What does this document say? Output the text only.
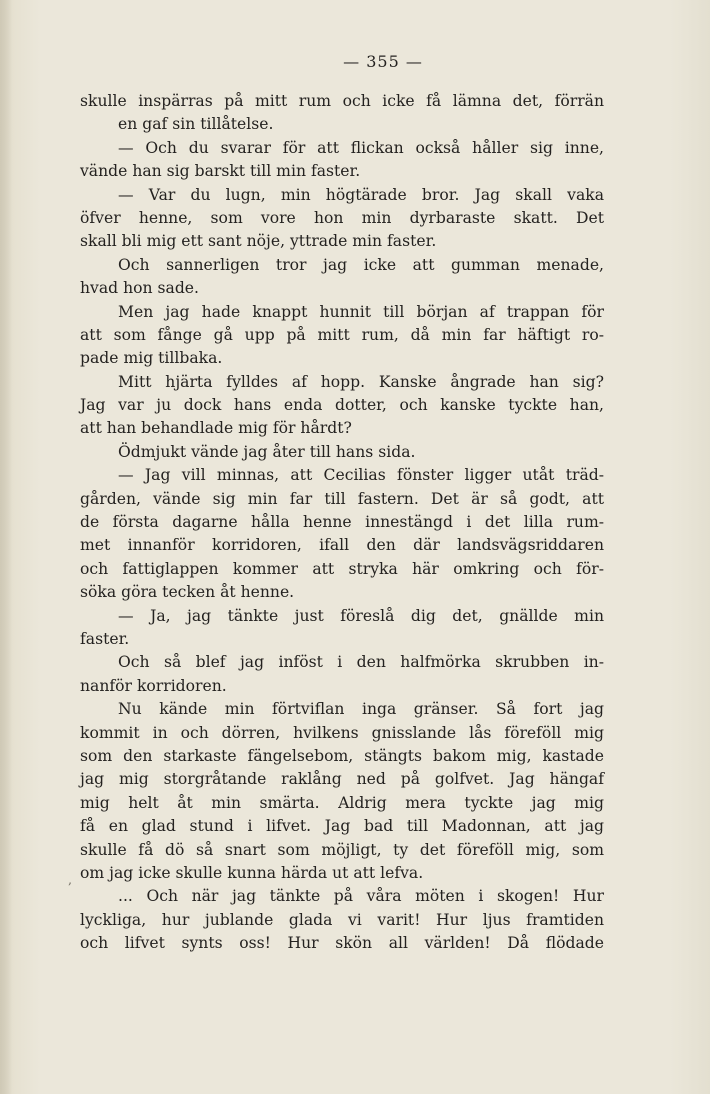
— 355 —
‚
skulle inspärras på mitt rum och icke få lämna det, förrän
en gaf sin tillåtelse.
— Och du svarar för att flickan också håller sig inne,
vände han sig barskt till min faster.
— Var du lugn, min högtärade bror. Jag skall vaka
öfver henne, som vore hon min dyrbaraste skatt. Det
skall bli mig ett sant nöje, yttrade min faster.
Och sannerligen tror jag icke att gumman menade,
hvad hon sade.
Men jag hade knappt hunnit till början af trappan för
att som fånge gå upp på mitt rum, då min far häftigt ro-
pade mig tillbaka.
Mitt hjärta fylldes af hopp. Kanske ångrade han sig?
Jag var ju dock hans enda dotter, och kanske tyckte han,
att han behandlade mig för hårdt?
Ödmjukt vände jag åter till hans sida.
— Jag vill minnas, att Cecilias fönster ligger utåt träd-
gården, vände sig min far till fastern. Det är så godt, att
de första dagarne hålla henne innestängd i det lilla rum-
met innanför korridoren, ifall den där landsvägsriddaren
och fattiglappen kommer att stryka här omkring och för-
söka göra tecken åt henne.
— Ja, jag tänkte just föreslå dig det, gnällde min
faster.
Och så blef jag inföst i den halfmörka skrubben in-
nanför korridoren.
Nu kände min förtviflan inga gränser. Så fort jag
kommit in och dörren, hvilkens gnisslande lås föreföll mig
som den starkaste fängelsebom, stängts bakom mig, kastade
jag mig storgråtande raklång ned på golfvet. Jag hängaf
mig helt åt min smärta. Aldrig mera tyckte jag mig
få en glad stund i lifvet. Jag bad till Madonnan, att jag
skulle få dö så snart som möjligt, ty det föreföll mig, som
om jag icke skulle kunna härda ut att lefva.
... Och när jag tänkte på våra möten i skogen! Hur
lyckliga, hur jublande glada vi varit! Hur ljus framtiden
och lifvet synts oss! Hur skön all världen! Då flödade
